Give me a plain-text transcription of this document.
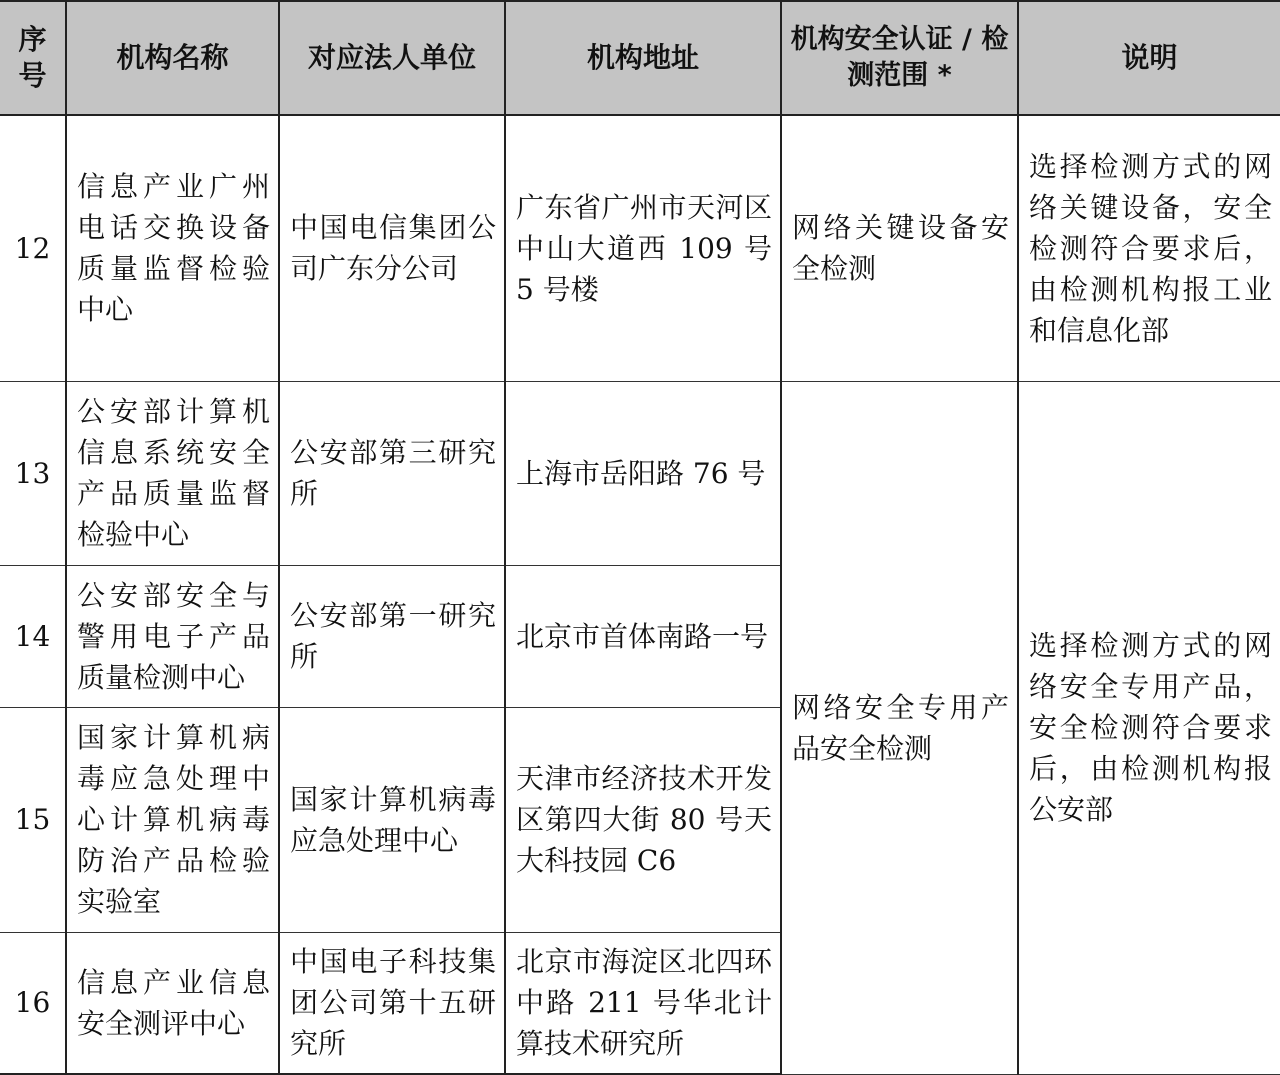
序号	机构名称	对应法人单位	机构地址	机构安全认证 / 检测范围 *	说明
12	信息产业广州电话交换设备质量监督检验中心	中国电信集团公司广东分公司	广东省广州市天河区中山大道西 109 号 5 号楼	网络关键设备安全检测	选择检测方式的网络关键设备，安全检测符合要求后，由检测机构报工业和信息化部
13	公安部计算机信息系统安全产品质量监督检验中心	公安部第三研究所	上海市岳阳路 76 号	网络安全专用产品安全检测	选择检测方式的网络安全专用产品，安全检测符合要求后，由检测机构报公安部
14	公安部安全与警用电子产品质量检测中心	公安部第一研究所	北京市首体南路一号		
15	国家计算机病毒应急处理中心计算机病毒防治产品检验实验室	国家计算机病毒应急处理中心	天津市经济技术开发区第四大街 80 号天大科技园 C6		
16	信息产业信息安全测评中心	中国电子科技集团公司第十五研究所	北京市海淀区北四环中路 211 号华北计算技术研究所		
